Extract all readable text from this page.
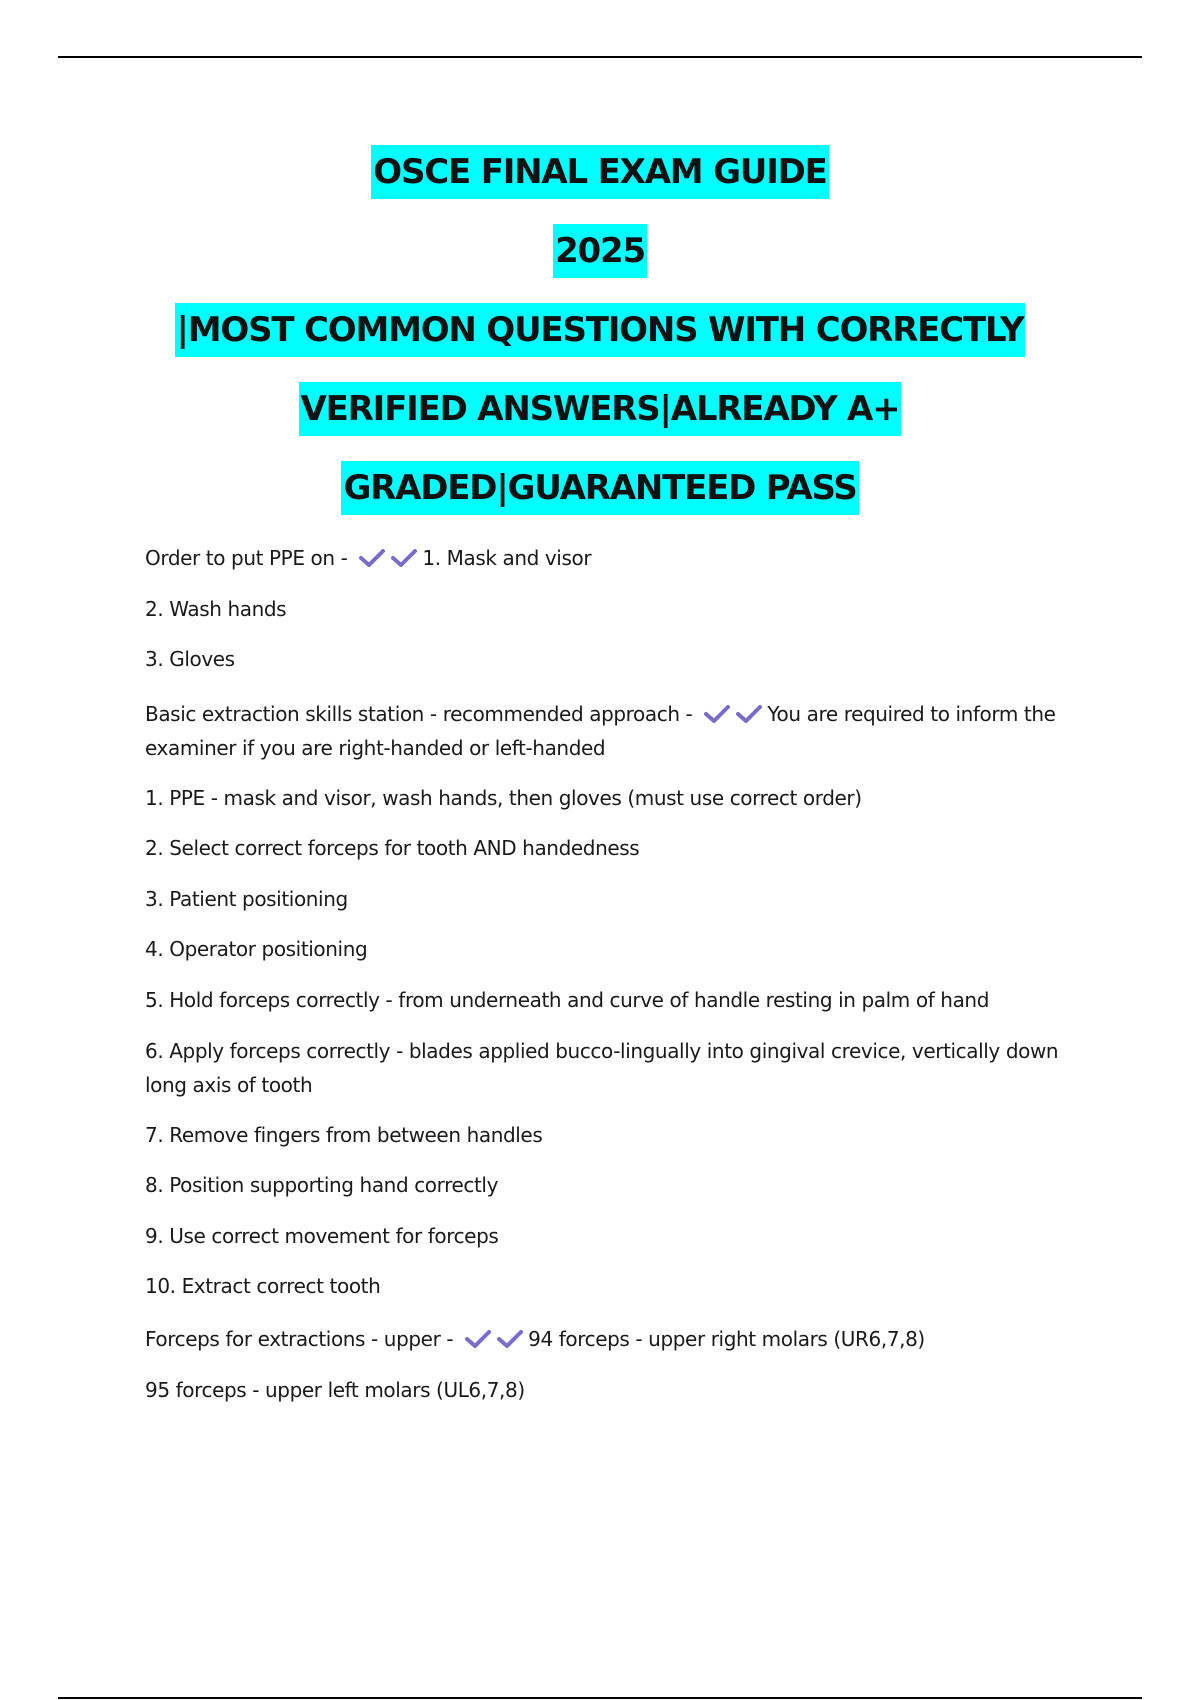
OSCE FINAL EXAM GUIDE
2025
|MOST COMMON QUESTIONS WITH CORRECTLY
VERIFIED ANSWERS|ALREADY A+
GRADED|GUARANTEED PASS

Order to put PPE on -	1. Mask and visor

2. Wash hands

3. Gloves

Basic extraction skills station - recommended approach -	You are required to inform the examiner if you are right-handed or left-handed

1. PPE - mask and visor, wash hands, then gloves (must use correct order)

2. Select correct forceps for tooth AND handedness

3. Patient positioning

4. Operator positioning

5. Hold forceps correctly - from underneath and curve of handle resting in palm of hand

6. Apply forceps correctly - blades applied bucco-lingually into gingival crevice, vertically down long axis of tooth

7. Remove fingers from between handles

8. Position supporting hand correctly

9. Use correct movement for forceps

10. Extract correct tooth

Forceps for extractions - upper -	94 forceps - upper right molars (UR6,7,8)

95 forceps - upper left molars (UL6,7,8)
